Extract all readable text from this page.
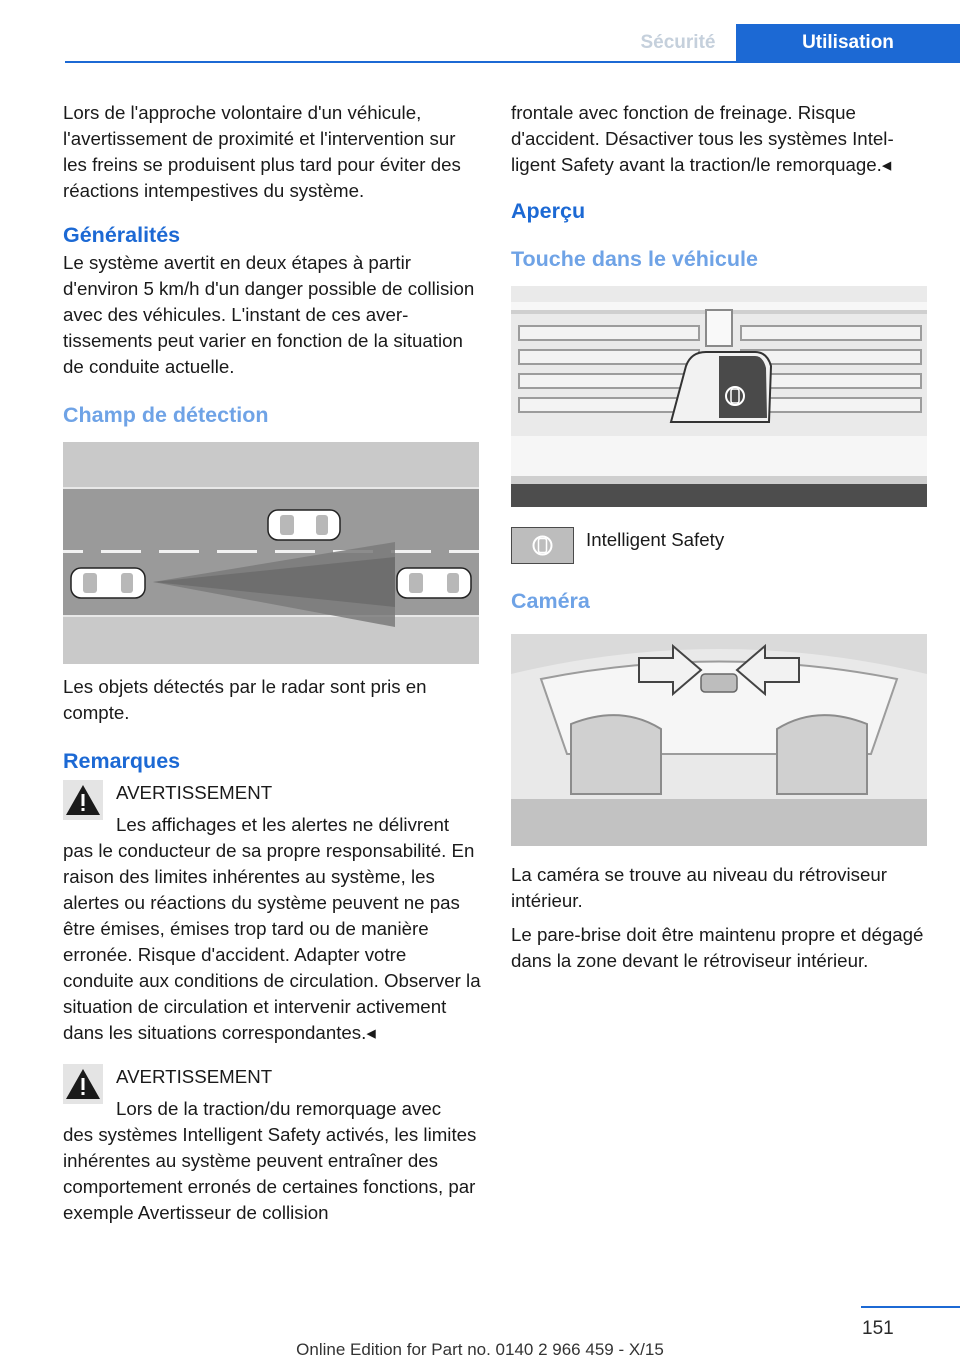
Sécurité	Utilisation

Lors de l'approche volontaire d'un véhicule, l'avertissement de proximité et l'intervention sur les freins se produisent plus tard pour éviter des réactions intempestives du système.

Généralités

Le système avertit en deux étapes à partir d'environ 5 km/h d'un danger possible de collision avec des véhicules. L'instant de ces avertissements peut varier en fonction de la situation de conduite actuelle.

Champ de détection

Les objets détectés par le radar sont pris en compte.

Remarques

AVERTISSEMENT

Les affichages et les alertes ne délivrent

pas le conducteur de sa propre responsabilité. En raison des limites inhérentes au système, les alertes ou réactions du système peuvent ne pas être émises, émises trop tard ou de manière erronée. Risque d'accident. Adapter votre conduite aux conditions de circulation. Observer la situation de circulation et intervenir activement dans les situations correspondantes.◂

AVERTISSEMENT

Lors de la traction/du remorquage avec

des systèmes Intelligent Safety activés, les limites inhérentes au système peuvent entraîner des comportement erronés de certaines fonctions, par exemple Avertisseur de collision

frontale avec fonction de freinage. Risque d'accident. Désactiver tous les systèmes Intelligent Safety avant la traction/le remorquage.◂

Aperçu
Touche dans le véhicule
Intelligent Safety
Caméra

La caméra se trouve au niveau du rétroviseur intérieur.

Le pare-brise doit être maintenu propre et dégagé dans la zone devant le rétroviseur intérieur.

151
Online Edition for Part no. 0140 2 966 459 - X/15
